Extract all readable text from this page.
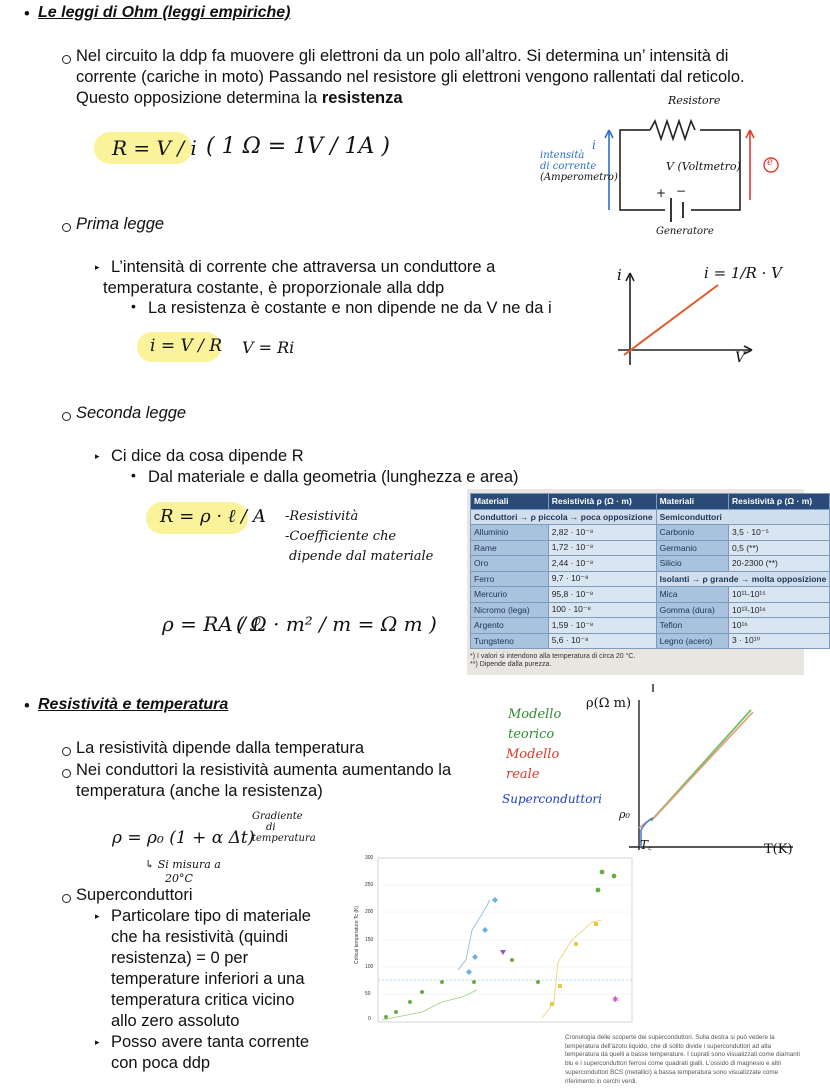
• Le leggi di Ohm (leggi empiriche)
Nel circuito la ddp fa muovere gli elettroni da un polo all’altro. Si determina un’ intensità di
corrente (cariche in moto) Passando nel resistore gli elettroni vengono rallentati dal reticolo.
Questo opposizione determina la resistenza
R = V / i ( 1 Ω = 1V / 1A )
Resistore
i
intensità
di corrente
(Amperometro)
V (Voltmetro)
+ −
Generatore
e
Prima legge
▸ L’intensità di corrente che attraversa un conduttore a
temperatura costante, è proporzionale alla ddp
• La resistenza è costante e non dipende ne da V ne da i
i = V / R V = Ri
i
V
i = 1/R · V
Seconda legge
▸ Ci dice da cosa dipende R
• Dal materiale e dalla geometria (lunghezza e area)
R = ρ · ℓ / A -Resistività
-Coefficiente che
dipende dal materiale
ρ = RA / ℓ
( Ω · m² / m = Ω m )
Materiali	Resistività ρ (Ω · m)	Materiali	Resistività ρ (Ω · m)
Conduttori → ρ piccola → poca opposizione		Semiconduttori	
Alluminio	2,82 · 10⁻⁸	Carbonio	3,5 · 10⁻⁵
Rame	1,72 · 10⁻⁸	Germanio	0,5 (**)
Oro	2,44 · 10⁻⁸	Silicio	20-2300 (**)
Ferro	9,7 · 10⁻⁸	Isolanti → ρ grande → molta opposizione	
Mercurio	95,8 · 10⁻⁸	Mica	10¹¹-10¹⁵
Nicromo (lega)	100 · 10⁻⁸	Gomma (dura)	10¹³-10¹⁶
Argento	1,59 · 10⁻⁸	Teflon	10¹⁶
Tungsteno	5,6 · 10⁻⁸	Legno (acero)	3 · 10¹⁰
*) I valori si intendono alla temperatura di circa 20 °C.
**) Dipende dalla purezza.
• Resistività e temperatura
La resistività dipende dalla temperatura
Nei conduttori la resistività aumenta aumentando la
temperatura (anche la resistenza)
ρ = ρ₀ (1 + α Δt)
Gradiente
di
temperatura
↳ Si misura a
20°C
Modello
teorico
Modello
reale
Superconduttori
ρ(Ω m)
T(K)
ρ₀
T꜀
Superconduttori
▸ Particolare tipo di materiale
che ha resistività (quindi
resistenza) = 0 per
temperature inferiori a una
temperatura critica vicino
allo zero assoluto
▸ Posso avere tanta corrente
con poca ddp
✱
Critical temperature Tc (K)
300
250
200
150
100
50
0
Cronologia delle scoperte dei superconduttori. Sulla destra si può vedere la
temperatura dell'azoto liquido, che di solito divide i superconduttori ad alta
temperatura da quelli a basse temperature. I cuprati sono visualizzati come diamanti
blu e i superconduttori ferrosi come quadrati gialli. L'ossido di magnesio e altri
superconduttori BCS (metallici) a bassa temperatura sono visualizzate come
riferimento in cerchi verdi.
